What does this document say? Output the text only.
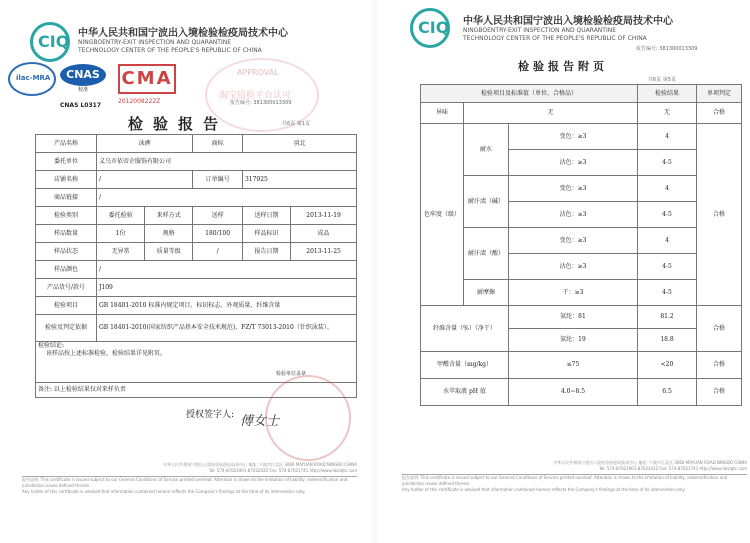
CIQ 中华人民共和国宁波出入境检验检疫局技术中心
NINGBOENTRY-EXIT INSPECTION AND QUARANTINE
TECHNOLOGY CENTER OF THE PEOPLE'S REPUBLIC OF CHINA
ilac-MRA	CNAS
校准
CNAS L0317
CMA
2012008222Z
APPROVAL
淘宝质检平台认可
报告编号: 381300013309
检验报告	共6页 第1页
产品名称	泳裤		商标	羽北	
委托单位	义乌市依帝企服饰有限公司				
店铺名称	/		订单编号	317925	
商品链接	/				
检验类别	委托检验	来样方式	送样	送样日期	2013-11-19
样品数量	1份	规格	180/100	样品标识	成品
样品状态	无异常	质量等级	/	报告日期	2013-11-25
样品颜色	/				
产品货号/款号	J109				
检验项目	GB 18401-2010 标准内规定项目、标识标志、外观质量、纤维含量				
检验及判定依据	GB 18401-2010(国家纺织产品基本安全技术规范)、FZ/T 73013-2010（针织泳装）。				

检验结论:
该样品按上述标准检验，检验结果详见附页。
检验单位盖章					

备注: 以上检验结果仅对来样负责					
授权签字人: 傅女士
中华人民共和国宁波出入境检验检疫局技术中心 地址: 宁波市江北区 3060 MAYUAN ROAD NINGBO CHINA
Tel: 574-87021901-87022422 Fax: 574-87021741 http://www.nbciqtc.com
报告说明: This certificate is issued subject to our General Conditions of Service printed overleaf. Attention is drawn to the limitation of liability, indemnification and jurisdiction issues defined therein.
Any holder of this certificate is advised that information contained hereon reflects the Company's findings at the time of its intervention only.
CIQ 中华人民共和国宁波出入境检验检疫局技术中心
NINGBOENTRY-EXIT INSPECTION AND QUARANTINE
TECHNOLOGY CENTER OF THE PEOPLE'S REPUBLIC OF CHINA
报告编号: 381300013309
检验报告附页
共6页 第5页
检验项目及标准值（单位、合格品）			检验结果	单项判定
异味	无		无	合格
色牢度（级）	耐水	变色：≥3	4	合格
		沾色：≥3	4-5	
	耐汗渍（碱）	变色：≥3	4	
		沾色：≥3	4-5	
	耐汗渍（酸）	变色：≥3	4	
		沾色：≥3	4-5	
	耐摩擦	干：≥3	4-5	
纤维含量（%）（净干）		氨纶：81	81.2	合格
		氨纶：19	18.8	
甲醛含量（mg/kg）		≤75	<20	合格
水萃取液 pH 值		4.0~8.5	6.5	合格
中华人民共和国宁波出入境检验检疫局技术中心 地址: 宁波市江北区 3060 MAYUAN ROAD NINGBO CHINA
Tel: 574-87021901-87022422 Fax: 574-87021741 http://www.nbciqtc.com
报告说明: This certificate is issued subject to our General Conditions of Service printed overleaf. Attention is drawn to the limitation of liability, indemnification and jurisdiction issues defined therein.
Any holder of this certificate is advised that information contained hereon reflects the Company's findings at the time of its intervention only.
